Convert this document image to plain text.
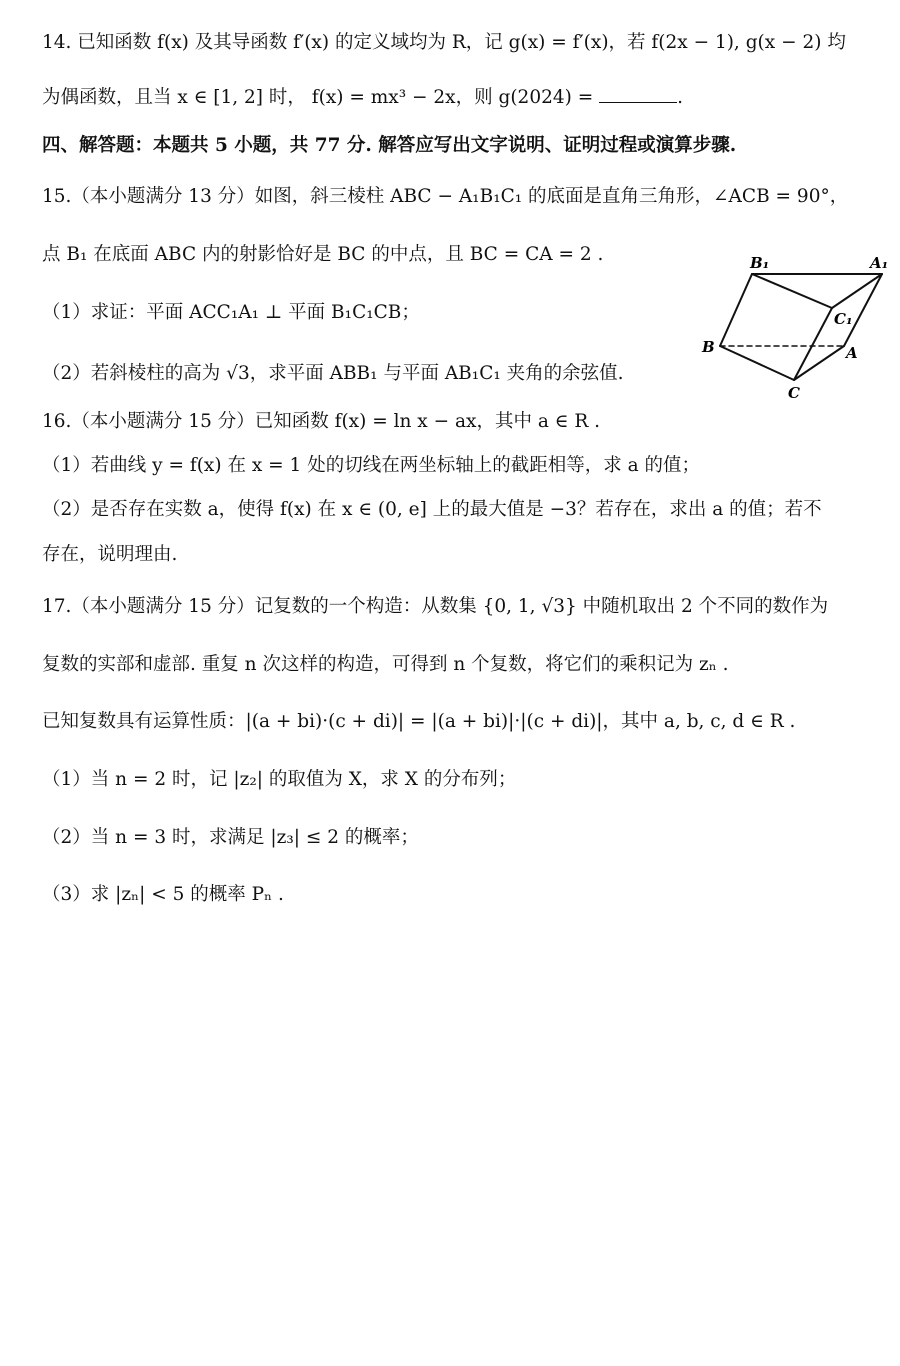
14. 已知函数 f(x) 及其导函数 f′(x) 的定义域均为 R，记 g(x) = f′(x)，若 f(2x − 1), g(x − 2) 均
为偶函数，且当 x ∈ [1, 2] 时， f(x) = mx³ − 2x，则 g(2024) =	.
四、解答题：本题共 5 小题，共 77 分. 解答应写出文字说明、证明过程或演算步骤.
15.（本小题满分 13 分）如图，斜三棱柱 ABC − A₁B₁C₁ 的底面是直角三角形，∠ACB = 90°，
点 B₁ 在底面 ABC 内的射影恰好是 BC 的中点，且 BC = CA = 2 .
（1）求证：平面 ACC₁A₁ ⊥ 平面 B₁C₁CB；
（2）若斜棱柱的高为 √3，求平面 ABB₁ 与平面 AB₁C₁ 夹角的余弦值.
16.（本小题满分 15 分）已知函数 f(x) = ln x − ax，其中 a ∈ R .
（1）若曲线 y = f(x) 在 x = 1 处的切线在两坐标轴上的截距相等，求 a 的值；
（2）是否存在实数 a，使得 f(x) 在 x ∈ (0, e] 上的最大值是 −3？若存在，求出 a 的值；若不
存在，说明理由.
17.（本小题满分 15 分）记复数的一个构造：从数集 {0, 1, √3} 中随机取出 2 个不同的数作为
复数的实部和虚部. 重复 n 次这样的构造，可得到 n 个复数，将它们的乘积记为 zₙ .
已知复数具有运算性质：|(a + bi)·(c + di)| = |(a + bi)|·|(c + di)|，其中 a, b, c, d ∈ R .
（1）当 n = 2 时，记 |z₂| 的取值为 X，求 X 的分布列；
（2）当 n = 3 时，求满足 |z₃| ≤ 2 的概率；
（3）求 |zₙ| < 5 的概率 Pₙ .
B₁	A₁
C₁
B	A
C
